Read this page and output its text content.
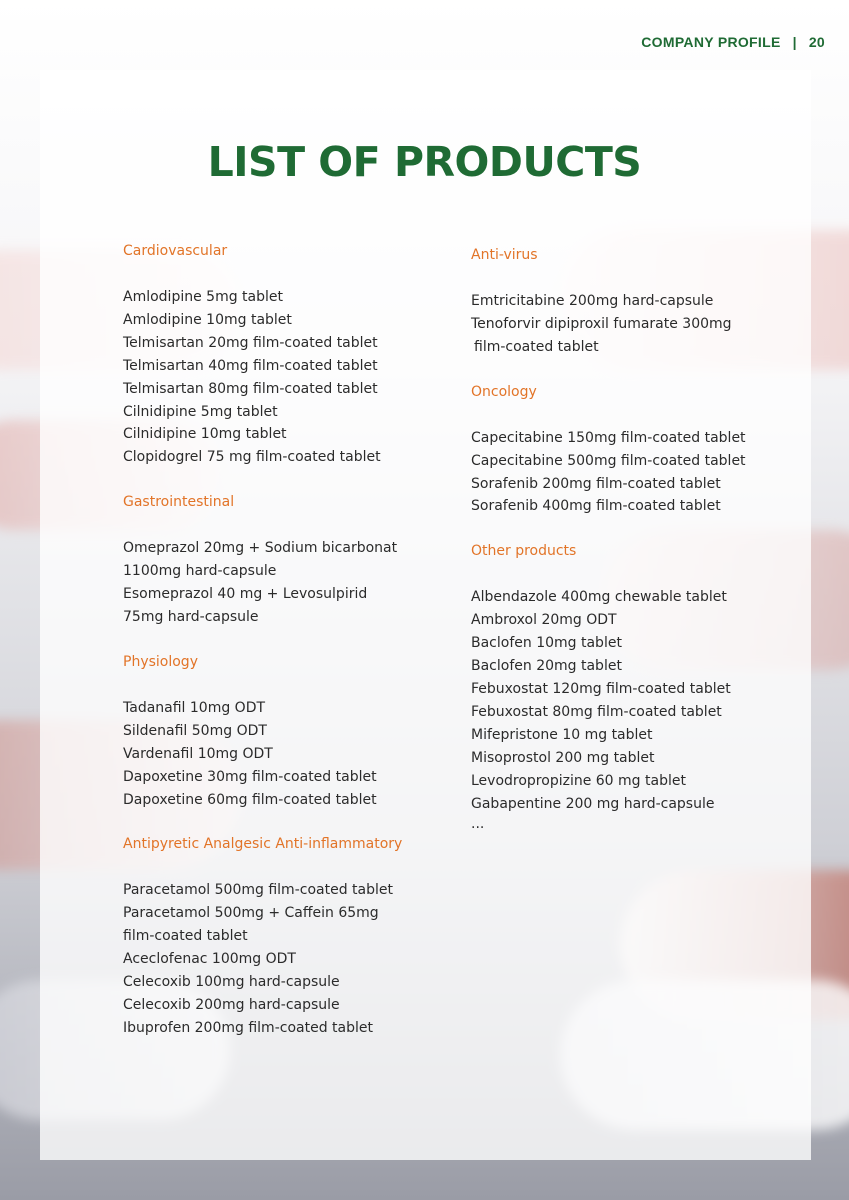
COMPANY PROFILE | 20
LIST OF PRODUCTS
Cardiovascular
Amlodipine 5mg tablet
Amlodipine 10mg tablet
Telmisartan 20mg film-coated tablet
Telmisartan 40mg film-coated tablet
Telmisartan 80mg film-coated tablet
Cilnidipine 5mg tablet
Cilnidipine 10mg tablet
Clopidogrel 75 mg film-coated tablet
Gastrointestinal
Omeprazol 20mg + Sodium bicarbonat
1100mg hard-capsule
Esomeprazol 40 mg + Levosulpirid
75mg hard-capsule
Physiology
Tadanafil 10mg ODT
Sildenafil 50mg ODT
Vardenafil 10mg ODT
Dapoxetine 30mg film-coated tablet
Dapoxetine 60mg film-coated tablet
Antipyretic Analgesic Anti-inflammatory
Paracetamol 500mg film-coated tablet
Paracetamol 500mg + Caffein 65mg
film-coated tablet
Aceclofenac 100mg ODT
Celecoxib 100mg hard-capsule
Celecoxib 200mg hard-capsule
Ibuprofen 200mg film-coated tablet
Anti-virus
Emtricitabine 200mg hard-capsule
Tenoforvir dipiproxil fumarate 300mg
film-coated tablet
Oncology
Capecitabine 150mg film-coated tablet
Capecitabine 500mg film-coated tablet
Sorafenib 200mg film-coated tablet
Sorafenib 400mg film-coated tablet
Other products
Albendazole 400mg chewable tablet
Ambroxol 20mg ODT
Baclofen 10mg tablet
Baclofen 20mg tablet
Febuxostat 120mg film-coated tablet
Febuxostat 80mg film-coated tablet
Mifepristone 10 mg tablet
Misoprostol 200 mg tablet
Levodropropizine 60 mg tablet
Gabapentine 200 mg hard-capsule
...
